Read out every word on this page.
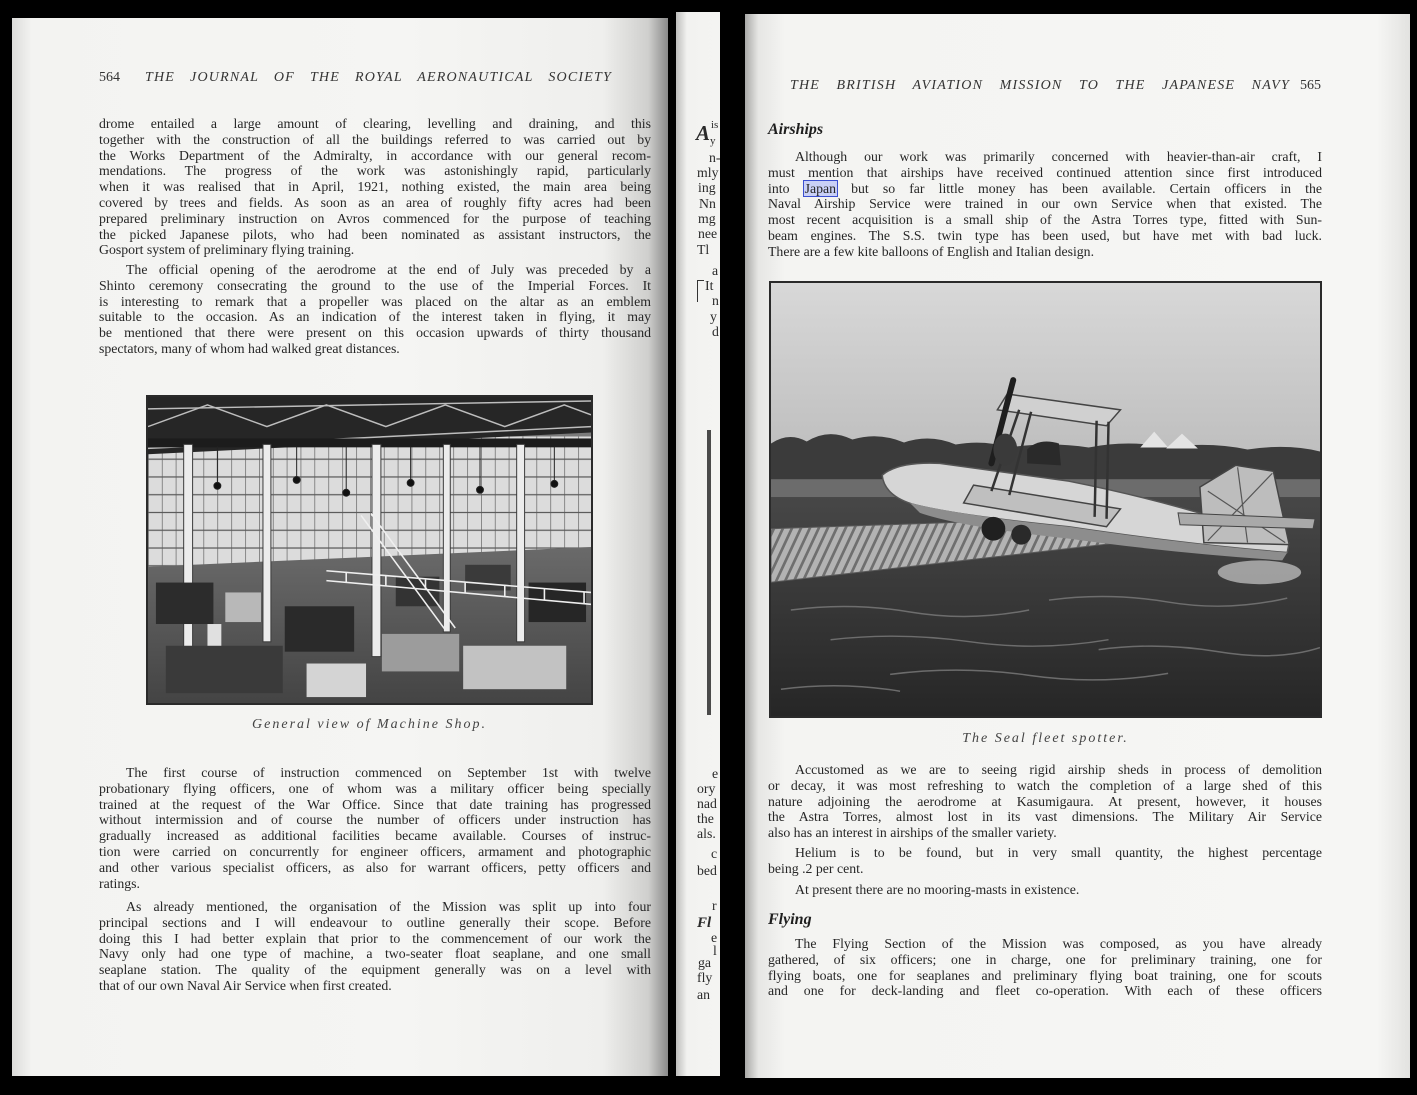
564 THE JOURNAL OF THE ROYAL AERONAUTICAL SOCIETY
drome entailed a large amount of clearing, levelling and draining, and this
together with the construction of all the buildings referred to was carried out by
the Works Department of the Admiralty, in accordance with our general recom-
mendations. The progress of the work was astonishingly rapid, particularly
when it was realised that in April, 1921, nothing existed, the main area being
covered by trees and fields. As soon as an area of roughly fifty acres had been
prepared preliminary instruction on Avros commenced for the purpose of teaching
the picked Japanese pilots, who had been nominated as assistant instructors, the
Gosport system of preliminary flying training.
The official opening of the aerodrome at the end of July was preceded by a
Shinto ceremony consecrating the ground to the use of the Imperial Forces. It
is interesting to remark that a propeller was placed on the altar as an emblem
suitable to the occasion. As an indication of the interest taken in flying, it may
be mentioned that there were present on this occasion upwards of thirty thousand
spectators, many of whom had walked great distances.
General view of Machine Shop.
The first course of instruction commenced on September 1st with twelve
probationary flying officers, one of whom was a military officer being specially
trained at the request of the War Office. Since that date training has progressed
without intermission and of course the number of officers under instruction has
gradually increased as additional facilities became available. Courses of instruc-
tion were carried on concurrently for engineer officers, armament and photographic
and other various specialist officers, as also for warrant officers, petty officers and
ratings.
As already mentioned, the organisation of the Mission was split up into four
principal sections and I will endeavour to outline generally their scope. Before
doing this I had better explain that prior to the commencement of our work the
Navy only had one type of machine, a two-seater float seaplane, and one small
seaplane station. The quality of the equipment generally was on a level with
that of our own Naval Air Service when first created.
A is
y
n-
mly
ing
Nn
mg
nee
Tl
a
It
n
y
d
e
ory
nad
the
als.
c
bed
r
Fl
e
l
ga
fly
an
THE BRITISH AVIATION MISSION TO THE JAPANESE NAVY 565
Airships
Although our work was primarily concerned with heavier-than-air craft, I
must mention that airships have received continued attention since first introduced
into Japan but so far little money has been available. Certain officers in the
Naval Airship Service were trained in our own Service when that existed. The
most recent acquisition is a small ship of the Astra Torres type, fitted with Sun-
beam engines. The S.S. twin type has been used, but have met with bad luck.
There are a few kite balloons of English and Italian design.
The Seal fleet spotter.
Accustomed as we are to seeing rigid airship sheds in process of demolition
or decay, it was most refreshing to watch the completion of a large shed of this
nature adjoining the aerodrome at Kasumigaura. At present, however, it houses
the Astra Torres, almost lost in its vast dimensions. The Military Air Service
also has an interest in airships of the smaller variety.
Helium is to be found, but in very small quantity, the highest percentage
being .2 per cent.
At present there are no mooring-masts in existence.
Flying
The Flying Section of the Mission was composed, as you have already
gathered, of six officers; one in charge, one for preliminary training, one for
flying boats, one for seaplanes and preliminary flying boat training, one for scouts
and one for deck-landing and fleet co-operation. With each of these officers
